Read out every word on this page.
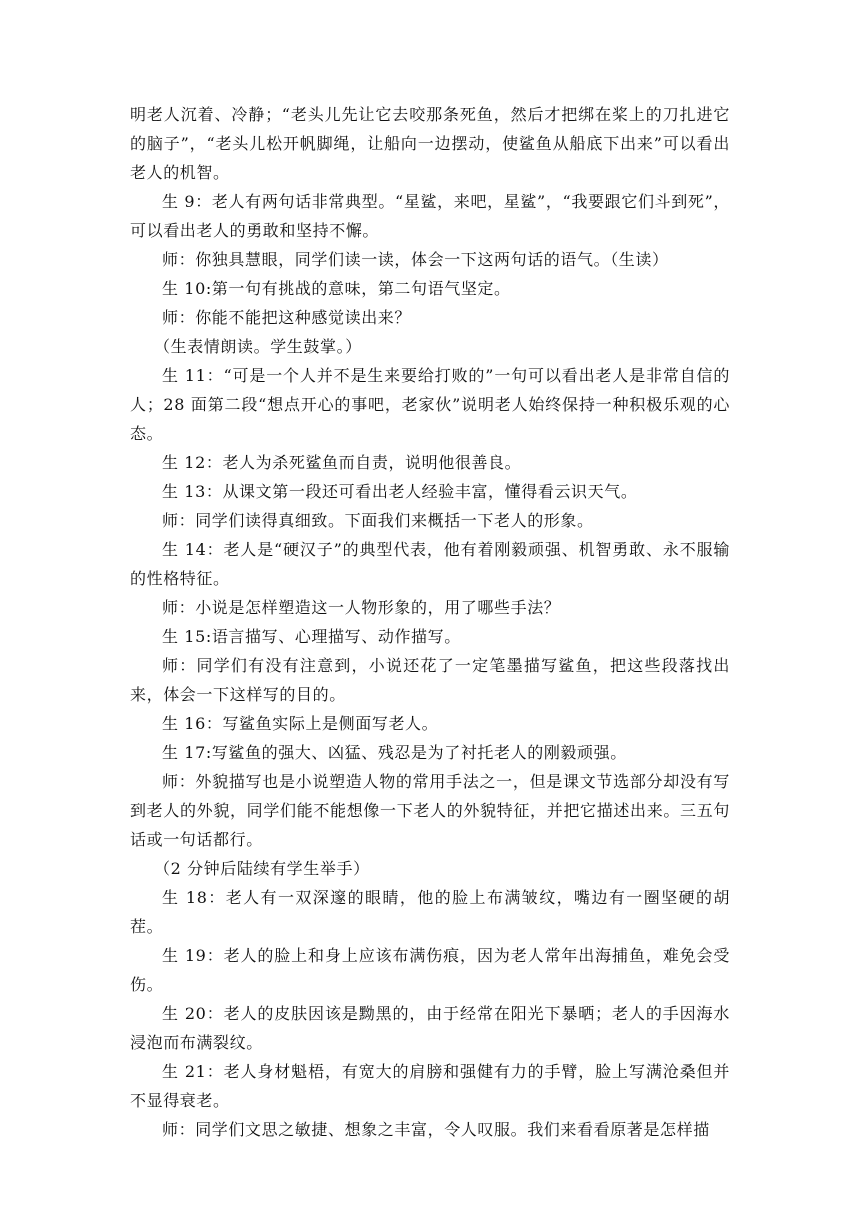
明老人沉着、冷静；“老头儿先让它去咬那条死鱼，然后才把绑在桨上的刀扎进它的脑子”，“老头儿松开帆脚绳，让船向一边摆动，使鲨鱼从船底下出来”可以看出老人的机智。

生 9：老人有两句话非常典型。“星鲨，来吧，星鲨”，“我要跟它们斗到死”，可以看出老人的勇敢和坚持不懈。

师：你独具慧眼，同学们读一读，体会一下这两句话的语气。（生读）

生 10:第一句有挑战的意味，第二句语气坚定。

师：你能不能把这种感觉读出来？

（生表情朗读。学生鼓掌。）

生 11：“可是一个人并不是生来要给打败的”一句可以看出老人是非常自信的人；28 面第二段“想点开心的事吧，老家伙”说明老人始终保持一种积极乐观的心态。

生 12：老人为杀死鲨鱼而自责，说明他很善良。

生 13：从课文第一段还可看出老人经验丰富，懂得看云识天气。

师：同学们读得真细致。下面我们来概括一下老人的形象。

生 14：老人是“硬汉子”的典型代表，他有着刚毅顽强、机智勇敢、永不服输的性格特征。

师：小说是怎样塑造这一人物形象的，用了哪些手法？

生 15:语言描写、心理描写、动作描写。

师：同学们有没有注意到，小说还花了一定笔墨描写鲨鱼，把这些段落找出来，体会一下这样写的目的。

生 16：写鲨鱼实际上是侧面写老人。

生 17:写鲨鱼的强大、凶猛、残忍是为了衬托老人的刚毅顽强。

师：外貌描写也是小说塑造人物的常用手法之一，但是课文节选部分却没有写到老人的外貌，同学们能不能想像一下老人的外貌特征，并把它描述出来。三五句话或一句话都行。

（2 分钟后陆续有学生举手）

生 18：老人有一双深邃的眼睛，他的脸上布满皱纹，嘴边有一圈坚硬的胡茬。

生 19：老人的脸上和身上应该布满伤痕，因为老人常年出海捕鱼，难免会受伤。

生 20：老人的皮肤因该是黝黑的，由于经常在阳光下暴晒；老人的手因海水浸泡而布满裂纹。

生 21：老人身材魁梧，有宽大的肩膀和强健有力的手臂，脸上写满沧桑但并不显得衰老。

师：同学们文思之敏捷、想象之丰富，令人叹服。我们来看看原著是怎样描
